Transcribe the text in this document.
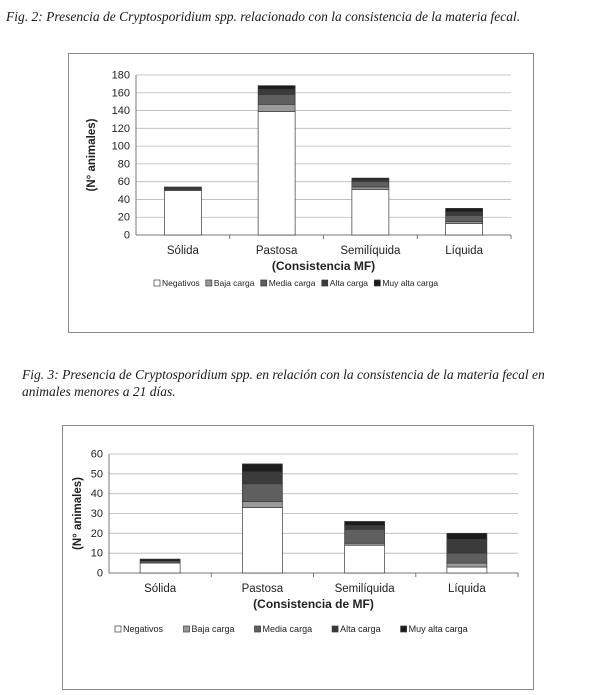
Fig. 2: Presencia de Cryptosporidium spp. relacionado con la consistencia de la materia fecal.
0
20
40
60
80
100
120
140
160
180
Sólida	Pastosa	Semilíquida	Líquida
(Consistencia MF)
(N° animales)
Negativos Baja carga Media carga Alta carga Muy alta carga
Fig. 3: Presencia de Cryptosporidium spp. en relación con la consistencia de la materia fecal en animales menores a 21 días.
0
10
20
30
40
50
60
Sólida	Pastosa	Semilíquida	Líquida
(Consistencia de MF)
(N° animales)
Negativos	Baja carga	Media carga	Alta carga	Muy alta carga
